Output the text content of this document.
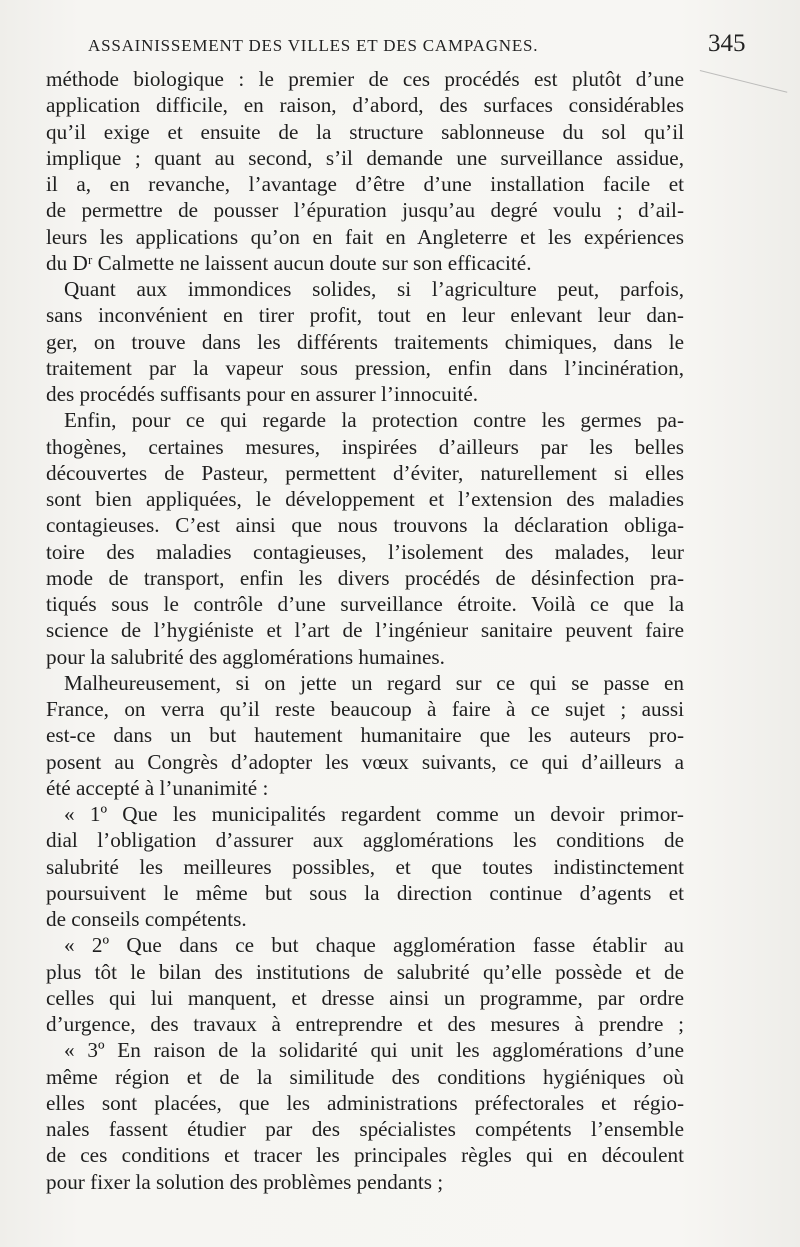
ASSAINISSEMENT DES VILLES ET DES CAMPAGNES.	345

méthode biologique : le premier de ces procédés est plutôt d’une
application difficile, en raison, d’abord, des surfaces considérables
qu’il exige et ensuite de la structure sablonneuse du sol qu’il
implique ; quant au second, s’il demande une surveillance assidue,
il a, en revanche, l’avantage d’être d’une installation facile et
de permettre de pousser l’épuration jusqu’au degré voulu ; d’ail-
leurs les applications qu’on en fait en Angleterre et les expériences
du Dʳ Calmette ne laissent aucun doute sur son efficacité.

Quant aux immondices solides, si l’agriculture peut, parfois,
sans inconvénient en tirer profit, tout en leur enlevant leur dan-
ger, on trouve dans les différents traitements chimiques, dans le
traitement par la vapeur sous pression, enfin dans l’incinération,
des procédés suffisants pour en assurer l’innocuité.

Enfin, pour ce qui regarde la protection contre les germes pa-
thogènes, certaines mesures, inspirées d’ailleurs par les belles
découvertes de Pasteur, permettent d’éviter, naturellement si elles
sont bien appliquées, le développement et l’extension des maladies
contagieuses. C’est ainsi que nous trouvons la déclaration obliga-
toire des maladies contagieuses, l’isolement des malades, leur
mode de transport, enfin les divers procédés de désinfection pra-
tiqués sous le contrôle d’une surveillance étroite. Voilà ce que la
science de l’hygiéniste et l’art de l’ingénieur sanitaire peuvent faire
pour la salubrité des agglomérations humaines.

Malheureusement, si on jette un regard sur ce qui se passe en
France, on verra qu’il reste beaucoup à faire à ce sujet ; aussi
est-ce dans un but hautement humanitaire que les auteurs pro-
posent au Congrès d’adopter les vœux suivants, ce qui d’ailleurs a
été accepté à l’unanimité :

« 1º Que les municipalités regardent comme un devoir primor-
dial l’obligation d’assurer aux agglomérations les conditions de
salubrité les meilleures possibles, et que toutes indistinctement
poursuivent le même but sous la direction continue d’agents et
de conseils compétents.

« 2º Que dans ce but chaque agglomération fasse établir au
plus tôt le bilan des institutions de salubrité qu’elle possède et de
celles qui lui manquent, et dresse ainsi un programme, par ordre
d’urgence, des travaux à entreprendre et des mesures à prendre ;

« 3º En raison de la solidarité qui unit les agglomérations d’une
même région et de la similitude des conditions hygiéniques où
elles sont placées, que les administrations préfectorales et régio-
nales fassent étudier par des spécialistes compétents l’ensemble
de ces conditions et tracer les principales règles qui en découlent
pour fixer la solution des problèmes pendants ;
